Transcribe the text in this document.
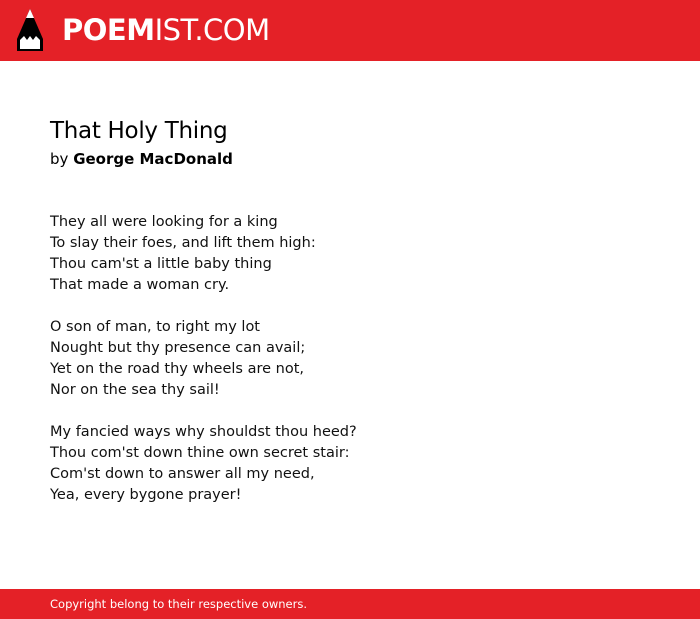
POEMIST.COM
That Holy Thing
by George MacDonald
They all were looking for a king
To slay their foes, and lift them high:
Thou cam'st a little baby thing
That made a woman cry.
O son of man, to right my lot
Nought but thy presence can avail;
Yet on the road thy wheels are not,
Nor on the sea thy sail!
My fancied ways why shouldst thou heed?
Thou com'st down thine own secret stair:
Com'st down to answer all my need,
Yea, every bygone prayer!
Copyright belong to their respective owners.
